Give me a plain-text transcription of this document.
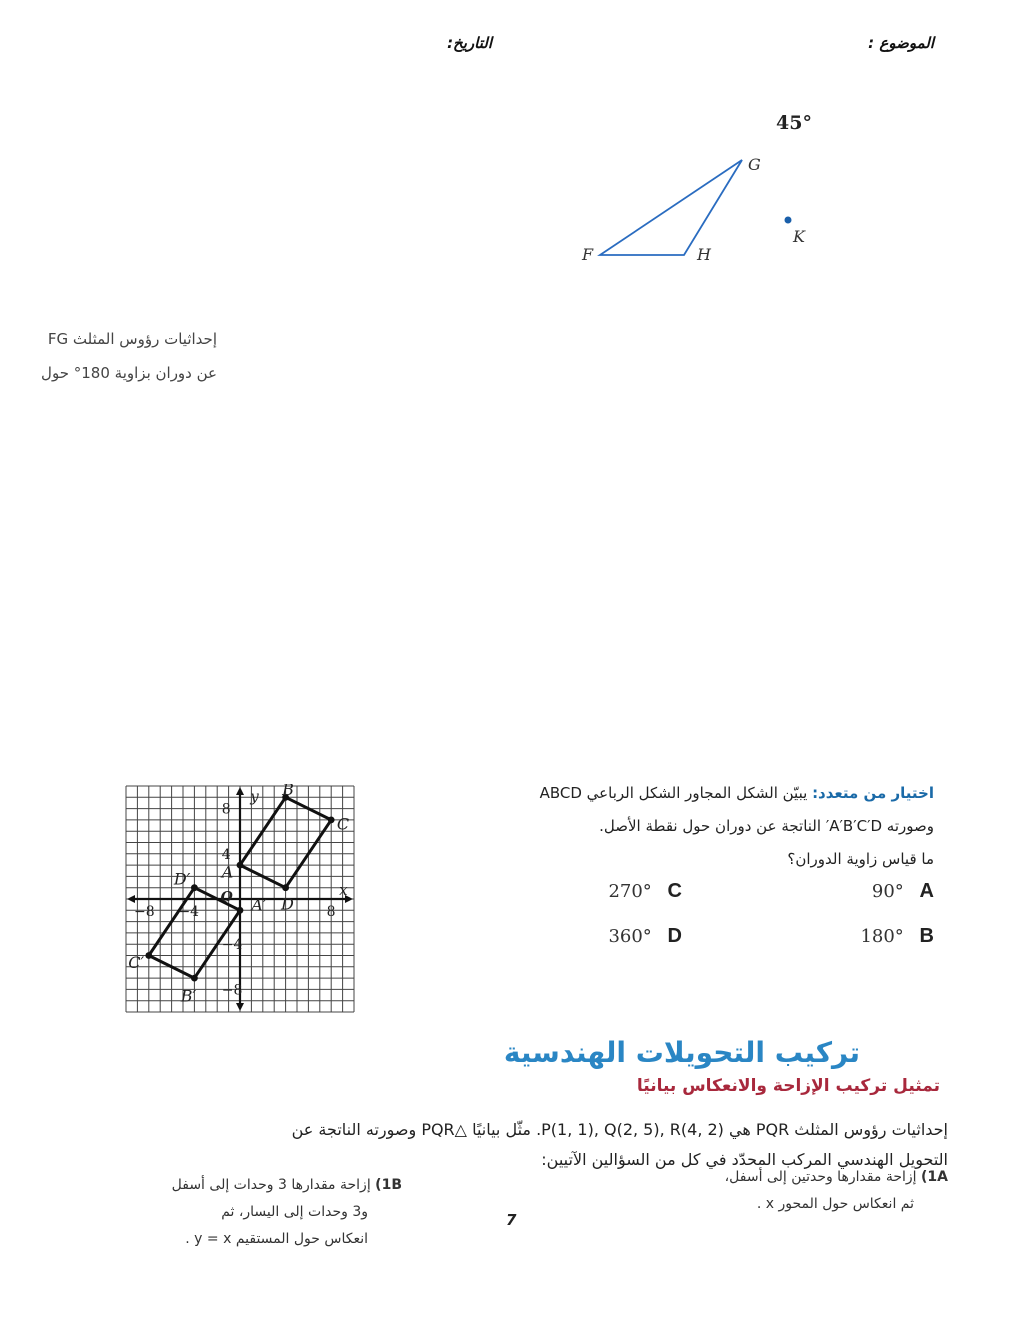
الموضوع :
التاريخ:
45°
G
F	H
K
إحداثيات رؤوس المثلث FG
عن دوران بزاوية 180° حول
x
y
O
−8 −4	8
8
4
−4
−8
A
B
C
D
A′
B′
C′
D′
اختيار من متعدد: يبيّن الشكل المجاور الشكل الرباعي ABCD
وصورته A′B′C′D′ الناتجة عن دوران حول نقطة الأصل.
ما قياس زاوية الدوران؟
90° A
270° C
180° B
360° D
تركيب التحويلات الهندسية
تمثيل تركيب الإزاحة والانعكاس بيانيًا
إحداثيات رؤوس المثلث PQR هي P(1, 1), Q(2, 5), R(4, 2). مثّل بيانيًا △PQR وصورته الناتجة عن
التحويل الهندسي المركب المحدّد في كل من السؤالين الآتيين:
1A) إزاحة مقدارها وحدتين إلى أسفل،
ثم انعكاس حول المحور x .
1B) إزاحة مقدارها 3 وحدات إلى أسفل
و3 وحدات إلى اليسار، ثم
انعكاس حول المستقيم y = x .
7
